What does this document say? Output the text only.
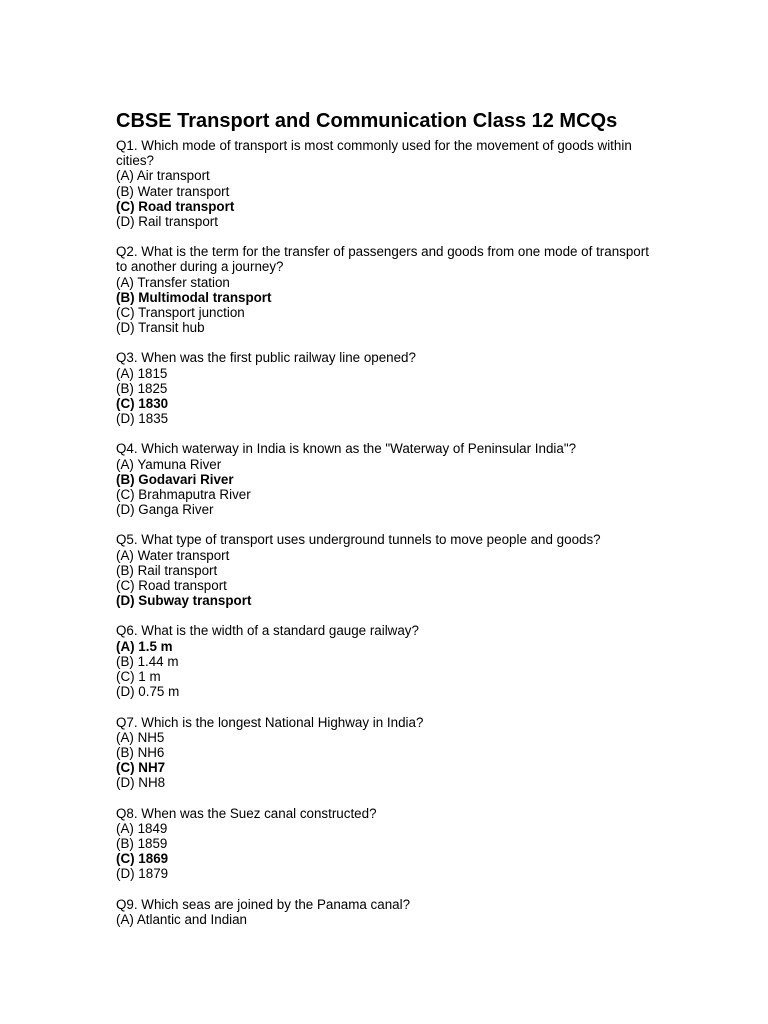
CBSE Transport and Communication Class 12 MCQs

Q1. Which mode of transport is most commonly used for the movement of goods within cities?

(A) Air transport

(B) Water transport

(C) Road transport

(D) Rail transport

Q2. What is the term for the transfer of passengers and goods from one mode of transport to another during a journey?

(A) Transfer station

(B) Multimodal transport

(C) Transport junction

(D) Transit hub

Q3. When was the first public railway line opened?

(A) 1815

(B) 1825

(C) 1830

(D) 1835

Q4. Which waterway in India is known as the "Waterway of Peninsular India"?

(A) Yamuna River

(B) Godavari River

(C) Brahmaputra River

(D) Ganga River

Q5. What type of transport uses underground tunnels to move people and goods?

(A) Water transport

(B) Rail transport

(C) Road transport

(D) Subway transport

Q6. What is the width of a standard gauge railway?

(A) 1.5 m

(B) 1.44 m

(C) 1 m

(D) 0.75 m

Q7. Which is the longest National Highway in India?

(A) NH5

(B) NH6

(C) NH7

(D) NH8

Q8. When was the Suez canal constructed?

(A) 1849

(B) 1859

(C) 1869

(D) 1879

Q9. Which seas are joined by the Panama canal?

(A) Atlantic and Indian
